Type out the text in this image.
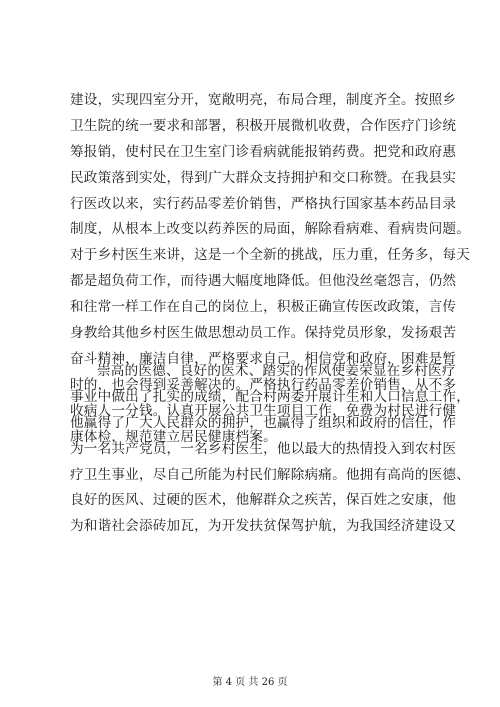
建设，实现四室分开，宽敞明亮，布局合理，制度齐全。按照乡
卫生院的统一要求和部署，积极开展微机收费，合作医疗门诊统
筹报销，使村民在卫生室门诊看病就能报销药费。把党和政府惠
民政策落到实处，得到广大群众支持拥护和交口称赞。在我县实
行医改以来，实行药品零差价销售，严格执行国家基本药品目录
制度，从根本上改变以药养医的局面，解除看病难、看病贵问题。
对于乡村医生来讲，这是一个全新的挑战，压力重，任务多，每天
都是超负荷工作，而待遇大幅度地降低。但他没丝毫怨言，仍然
和往常一样工作在自己的岗位上，积极正确宣传医改政策，言传
身教给其他乡村医生做思想动员工作。保持党员形象，发扬艰苦
奋斗精神，廉洁自律，严格要求自己。相信党和政府，困难是暂
时的，也会得到妥善解决的。严格执行药品零差价销售，从不多
收病人一分钱。认真开展公共卫生项目工作，免费为村民进行健
康体检，规范建立居民健康档案。
崇高的医德、良好的医术、踏实的作风使姜荣显在乡村医疗
事业中做出了扎实的成绩，配合村两委开展计生和人口信息工作，
他赢得了广大人民群众的拥护，也赢得了组织和政府的信任，作
为一名共产党员，一名乡村医生，他以最大的热情投入到农村医
疗卫生事业，尽自己所能为村民们解除病痛。他拥有高尚的医德、
良好的医风、过硬的医术，他解群众之疾苦，保百姓之安康，他
为和谐社会添砖加瓦，为开发扶贫保驾护航，为我国经济建设又
第 4 页 共 26 页
